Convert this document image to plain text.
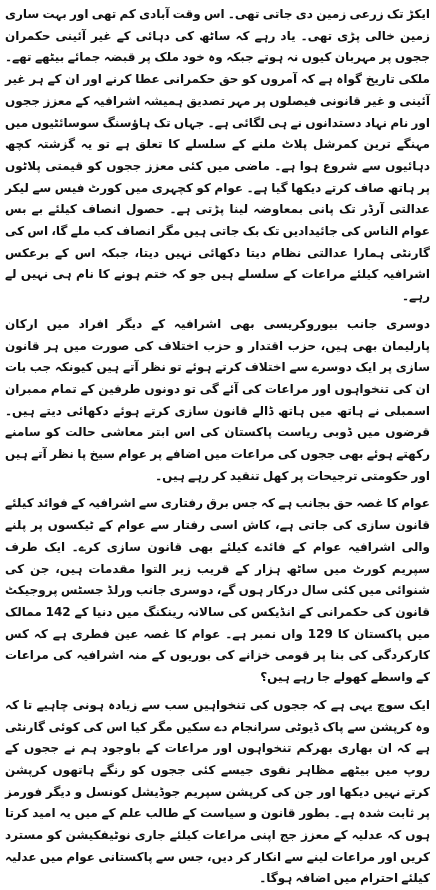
ایکڑ تک زرعی زمین دی جاتی تھی۔ اس وقت آبادی کم تھی اور بہت ساری زمین خالی پڑی تھی۔ یاد رہے کہ ساٹھ کی دہائی کے غیر آئینی حکمران ججوں پر مہربان کیوں نہ ہوتے جبکہ وہ خود ملک پر قبضہ جمائے بیٹھے تھے۔ ملکی تاریخ گواہ ہے کہ آمروں کو حق حکمرانی عطا کرنے اور ان کے ہر غیر آئینی و غیر قانونی فیصلوں پر مہر تصدیق ہمیشہ اشرافیہ کے معزز ججوں اور نام نہاد دستدانوں نے ہی لگائی ہے۔ جہاں تک ہاؤسنگ سوسائٹیوں میں مہنگے ترین کمرشل پلاٹ ملنے کے سلسلے کا تعلق ہے تو یہ گزشتہ کچھ دہائیوں سے شروع ہوا ہے۔ ماضی میں کئی معزز ججوں کو قیمتی پلاٹوں پر ہاتھ صاف کرتے دیکھا گیا ہے۔ عوام کو کچہری میں کورٹ فیس سے لیکر عدالتی آرڈر تک پانی بمعاوضہ لینا پڑتی ہے۔ حصول انصاف کیلئے بے بس عوام الناس کی جائیدادیں تک بک جاتی ہیں مگر انصاف کب ملے گا، اس کی گارنٹی ہمارا عدالتی نظام دیتا دکھائی نہیں دیتا، جبکہ اس کے برعکس اشرافیہ کیلئے مراعات کے سلسلے ہیں جو کہ ختم ہونے کا نام ہی نہیں لے رہے۔

دوسری جانب بیوروکریسی بھی اشرافیہ کے دیگر افراد میں ارکان پارلیمان بھی ہیں، حزب اقتدار و حزب اختلاف کی صورت میں ہر قانون سازی پر ایک دوسرے سے اختلاف کرتے ہوئے تو نظر آتے ہیں کیونکہ جب بات ان کی تنخواہوں اور مراعات کی آئے گی تو دونوں طرفین کے تمام ممبران اسمبلی نے ہاتھ میں ہاتھ ڈالے قانون سازی کرتے ہوئے دکھائی دیتے ہیں۔ قرضوں میں ڈوبی ریاست پاکستان کی اس ابتر معاشی حالت کو سامنے رکھتے ہوئے بھی ججوں کی مراعات میں اضافے پر عوام سیخ پا نظر آتے ہیں اور حکومتی ترجیحات پر کھل تنقید کر رہے ہیں۔

عوام کا غصہ حق بجانب ہے کہ جس برق رفتاری سے اشرافیہ کے فوائد کیلئے قانون سازی کی جاتی ہے، کاش اسی رفتار سے عوام کے ٹیکسوں پر پلنے والی اشرافیہ عوام کے فائدے کیلئے بھی قانون سازی کرے۔ ایک طرف سپریم کورٹ میں ساٹھ ہزار کے قریب زیر التوا مقدمات ہیں، جن کی شنوائی میں کئی سال درکار ہوں گے، دوسری جانب ورلڈ جسٹس پروجیکٹ قانون کی حکمرانی کے انڈیکس کی سالانہ رینکنگ میں دنیا کے 142 ممالک میں پاکستان کا 129 واں نمبر ہے۔ عوام کا غصہ عین فطری ہے کہ کس کارکردگی کی بنا پر قومی خزانے کی بوریوں کے منہ اشرافیہ کی مراعات کے واسطے کھولے جا رہے ہیں؟

ایک سوچ یہی ہے کہ ججوں کی تنخواہیں سب سے زیادہ ہونی چاہیے تا کہ وہ کرپشن سے پاک ڈیوٹی سرانجام دے سکیں مگر کیا اس کی کوئی گارنٹی ہے کہ ان بھاری بھرکم تنخواہوں اور مراعات کے باوجود ہم نے ججوں کے روپ میں بیٹھے مظاہر نقوی جیسے کئی ججوں کو رنگے ہاتھوں کرپشن کرتے نہیں دیکھا اور جن کی کرپشن سپریم جوڈیشل کونسل و دیگر فورمز پر ثابت شدہ ہے۔ بطور قانون و سیاست کے طالب علم کے میں یہ امید کرتا ہوں کہ عدلیہ کے معزز جج اپنی مراعات کیلئے جاری نوٹیفکیشن کو مسترد کریں اور مراعات لینے سے انکار کر دیں، جس سے پاکستانی عوام میں عدلیہ کیلئے احترام میں اضافہ ہوگا۔
